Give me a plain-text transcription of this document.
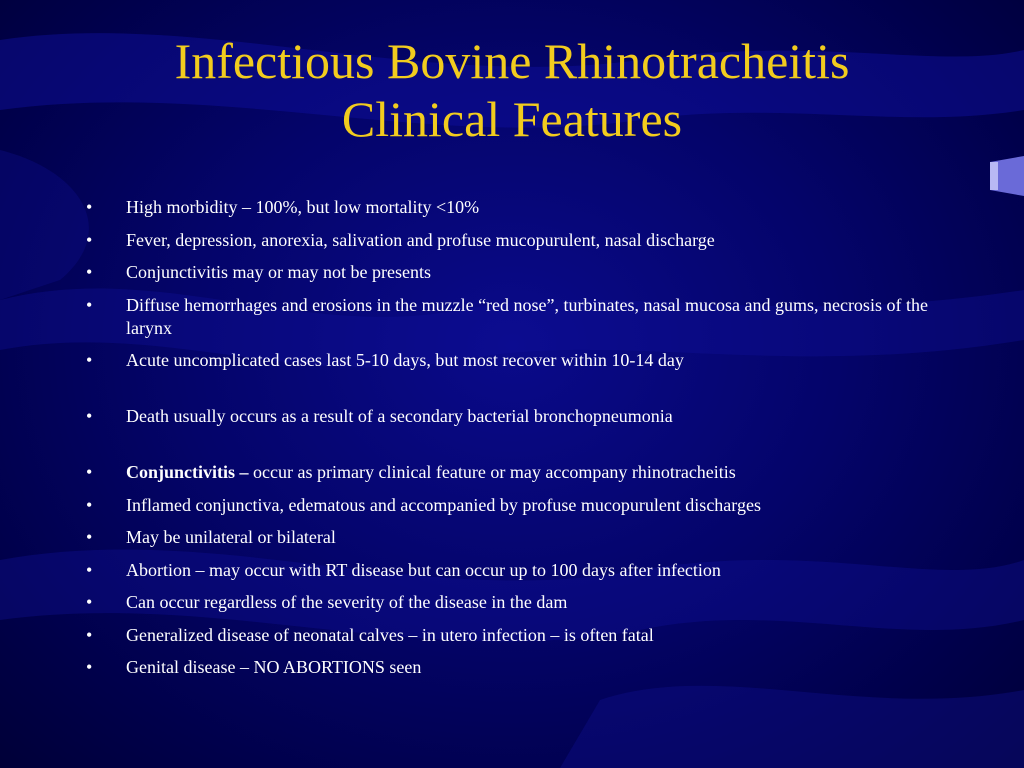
Infectious Bovine Rhinotracheitis
Clinical Features
• High morbidity – 100%, but low mortality <10%
• Fever, depression, anorexia, salivation and profuse mucopurulent, nasal discharge
• Conjunctivitis may or may not be presents
• Diffuse hemorrhages and erosions in the muzzle “red nose”, turbinates, nasal mucosa and gums, necrosis of the larynx
• Acute uncomplicated cases last 5-10 days, but most recover within 10-14 day
• Death usually occurs as a result of a secondary bacterial bronchopneumonia
• Conjunctivitis – occur as primary clinical feature or may accompany rhinotracheitis
• Inflamed conjunctiva, edematous and accompanied by profuse mucopurulent discharges
• May be unilateral or bilateral
• Abortion – may occur with RT disease but can occur up to 100 days after infection
• Can occur regardless of the severity of the disease in the dam
• Generalized disease of neonatal calves – in utero infection – is often fatal
• Genital disease – NO ABORTIONS seen
